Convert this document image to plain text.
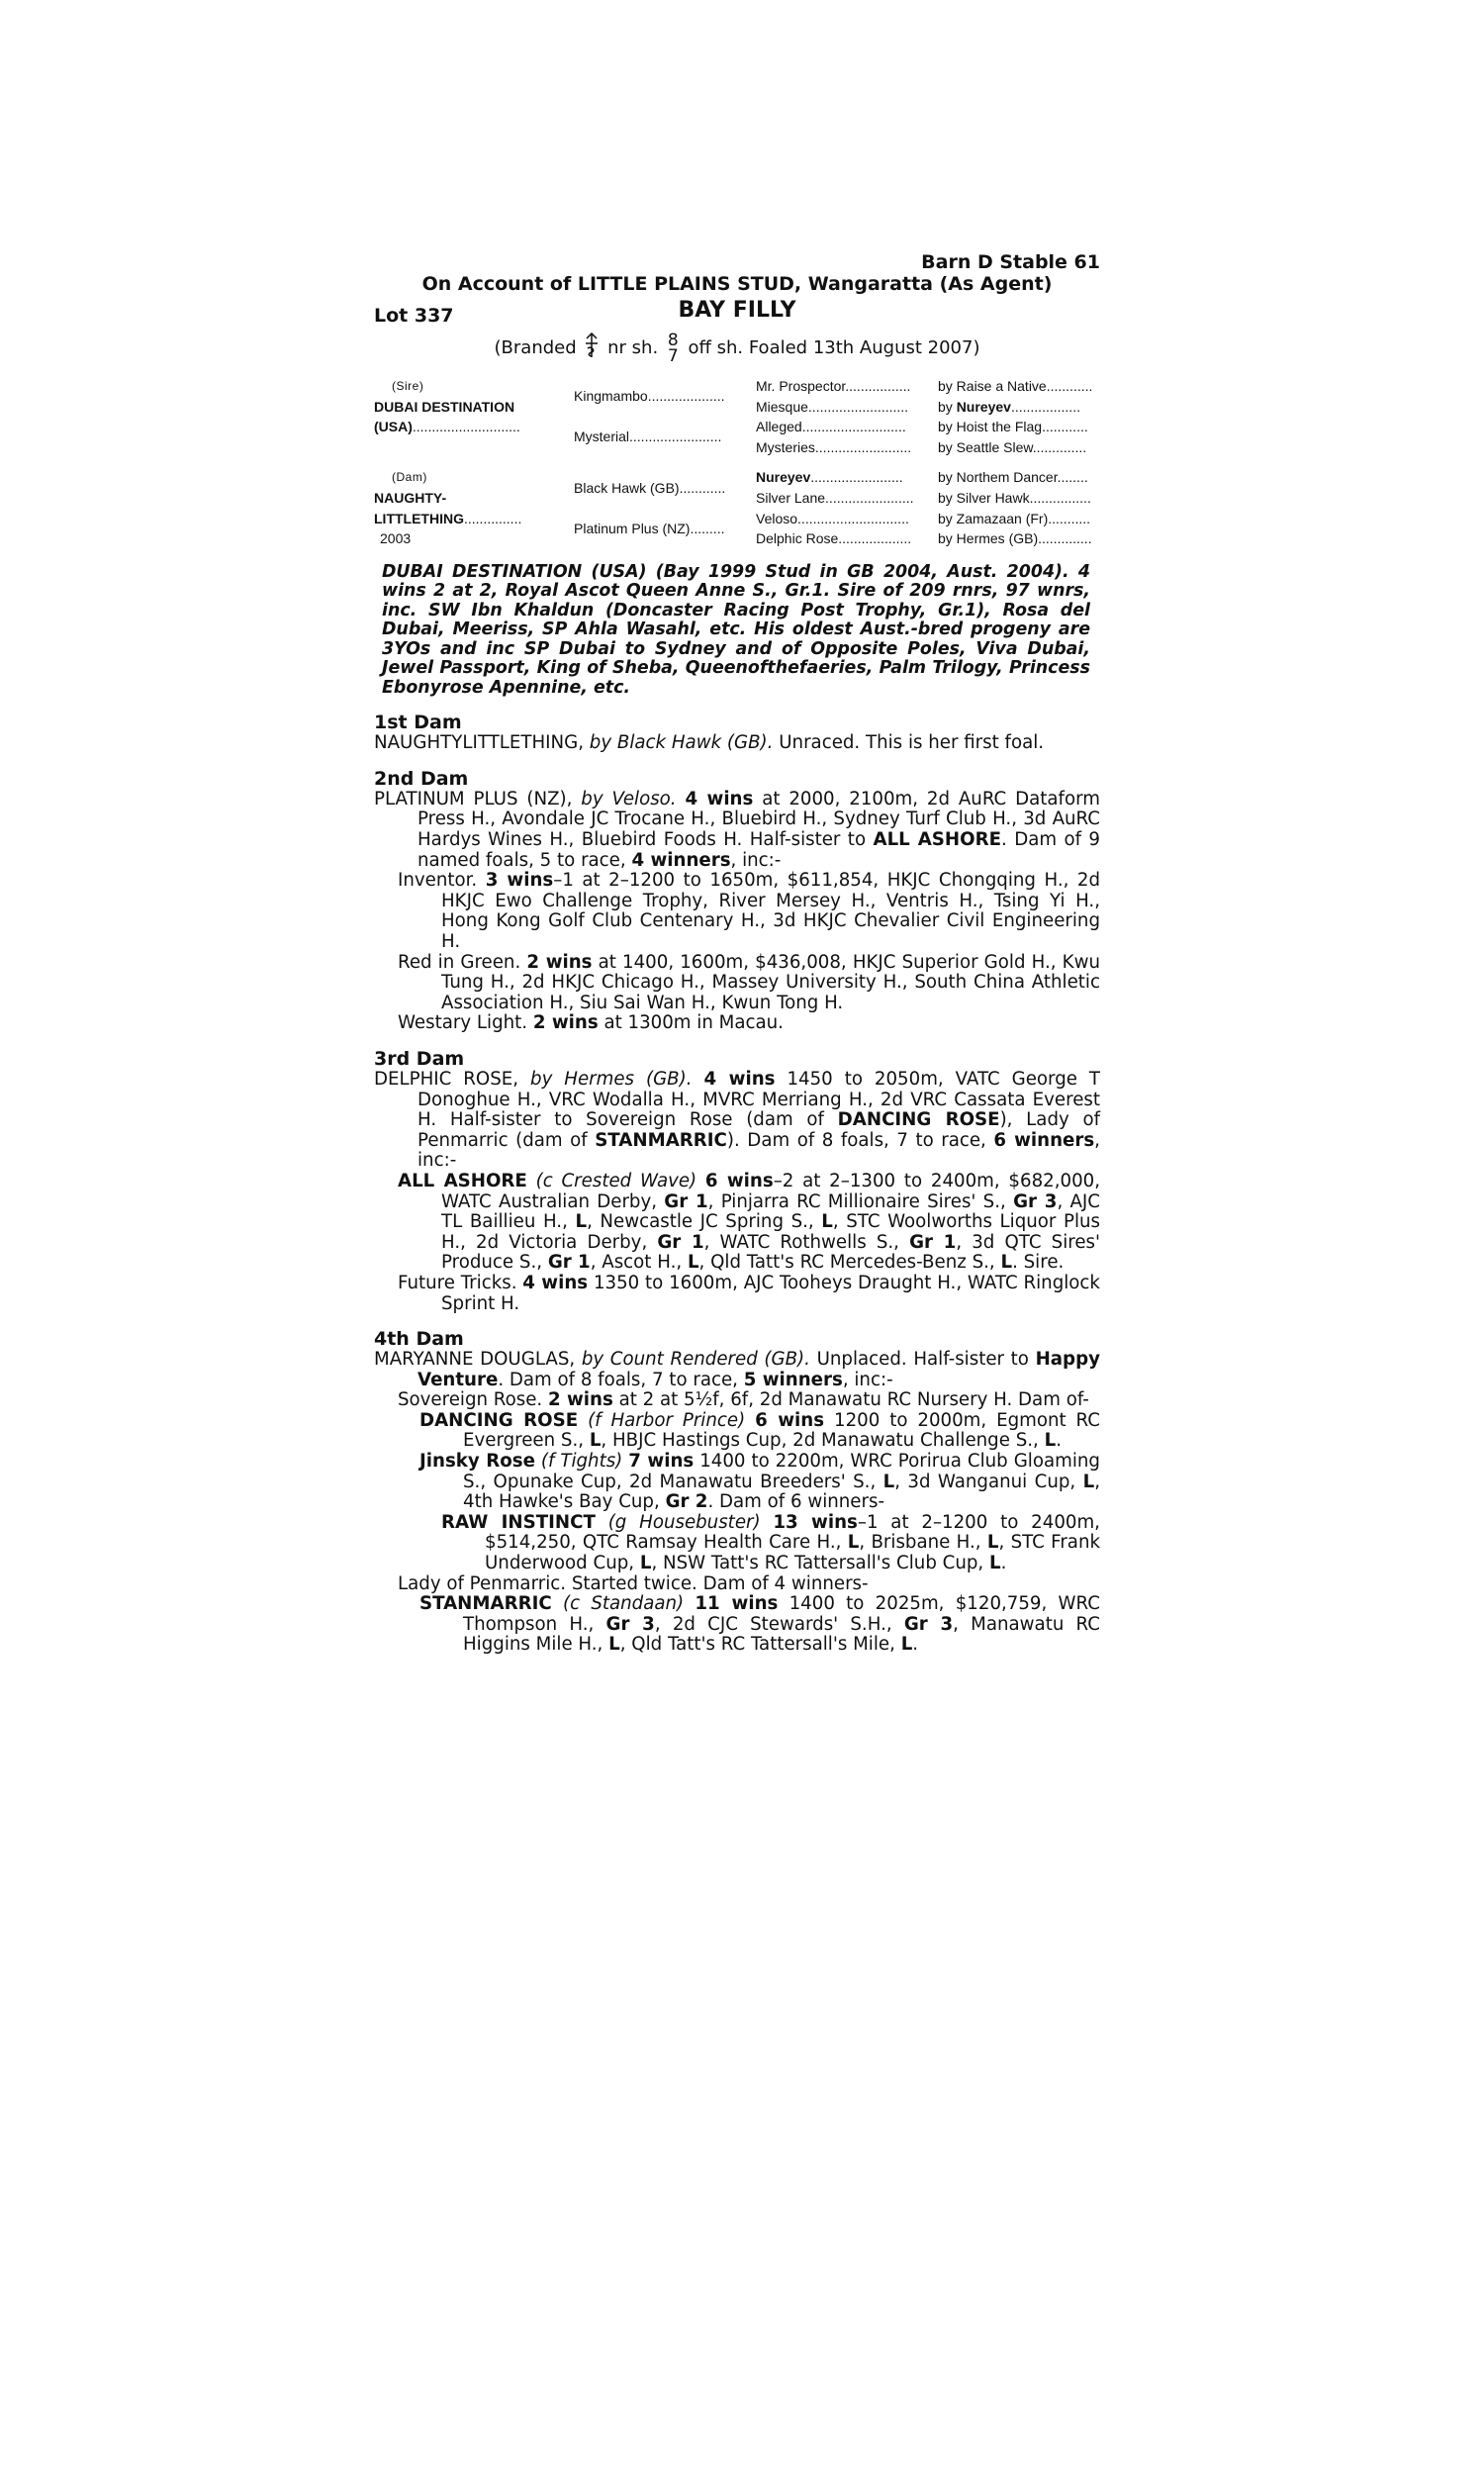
Barn D Stable 61
On Account of LITTLE PLAINS STUD, Wangaratta (As Agent)
Lot 337	BAY FILLY
(Branded nr sh. 8
7 off sh. Foaled 13th August 2007)
(Sire)	Kingmambo....................	Mr. Prospector.................	by Raise a Native............
DUBAI DESTINATION		Miesque..........................	by Nureyev..................
(USA)............................	Mysterial........................	Alleged...........................	by Hoist the Flag............
		Mysteries.........................	by Seattle Slew..............

(Dam)	Black Hawk (GB)............	Nureyev........................	by Northem Dancer........
NAUGHTY-		Silver Lane.......................	by Silver Hawk................
LITTLETHING...............	Platinum Plus (NZ).........	Veloso.............................	by Zamazaan (Fr)...........
2003		Delphic Rose...................	by Hermes (GB)..............

DUBAI DESTINATION (USA) (Bay 1999 Stud in GB 2004, Aust. 2004). 4 wins 2 at 2, Royal Ascot Queen Anne S., Gr.1. Sire of 209 rnrs, 97 wnrs, inc. SW Ibn Khaldun (Doncaster Racing Post Trophy, Gr.1), Rosa del Dubai, Meeriss, SP Ahla Wasahl, etc. His oldest Aust.-bred progeny are 3YOs and inc SP Dubai to Sydney and of Opposite Poles, Viva Dubai, Jewel Passport, King of Sheba, Queenofthefaeries, Palm Trilogy, Princess Ebonyrose Apennine, etc.

1st Dam

NAUGHTYLITTLETHING, by Black Hawk (GB). Unraced. This is her first foal.

2nd Dam

PLATINUM PLUS (NZ), by Veloso. 4 wins at 2000, 2100m, 2d AuRC Dataform Press H., Avondale JC Trocane H., Bluebird H., Sydney Turf Club H., 3d AuRC Hardys Wines H., Bluebird Foods H. Half-sister to ALL ASHORE. Dam of 9 named foals, 5 to race, 4 winners, inc:-

Inventor. 3 wins–1 at 2–1200 to 1650m, $611,854, HKJC Chongqing H., 2d HKJC Ewo Challenge Trophy, River Mersey H., Ventris H., Tsing Yi H., Hong Kong Golf Club Centenary H., 3d HKJC Chevalier Civil Engineering H.

Red in Green. 2 wins at 1400, 1600m, $436,008, HKJC Superior Gold H., Kwu Tung H., 2d HKJC Chicago H., Massey University H., South China Athletic Association H., Siu Sai Wan H., Kwun Tong H.

Westary Light. 2 wins at 1300m in Macau.

3rd Dam

DELPHIC ROSE, by Hermes (GB). 4 wins 1450 to 2050m, VATC George T Donoghue H., VRC Wodalla H., MVRC Merriang H., 2d VRC Cassata Everest H. Half-sister to Sovereign Rose (dam of DANCING ROSE), Lady of Penmarric (dam of STANMARRIC). Dam of 8 foals, 7 to race, 6 winners, inc:-

ALL ASHORE (c Crested Wave) 6 wins–2 at 2–1300 to 2400m, $682,000, WATC Australian Derby, Gr 1, Pinjarra RC Millionaire Sires' S., Gr 3, AJC TL Baillieu H., L, Newcastle JC Spring S., L, STC Woolworths Liquor Plus H., 2d Victoria Derby, Gr 1, WATC Rothwells S., Gr 1, 3d QTC Sires' Produce S., Gr 1, Ascot H., L, Qld Tatt's RC Mercedes-Benz S., L. Sire.

Future Tricks. 4 wins 1350 to 1600m, AJC Tooheys Draught H., WATC Ringlock Sprint H.

4th Dam

MARYANNE DOUGLAS, by Count Rendered (GB). Unplaced. Half-sister to Happy Venture. Dam of 8 foals, 7 to race, 5 winners, inc:-

Sovereign Rose. 2 wins at 2 at 5½f, 6f, 2d Manawatu RC Nursery H. Dam of-

DANCING ROSE (f Harbor Prince) 6 wins 1200 to 2000m, Egmont RC Evergreen S., L, HBJC Hastings Cup, 2d Manawatu Challenge S., L.

Jinsky Rose (f Tights) 7 wins 1400 to 2200m, WRC Porirua Club Gloaming S., Opunake Cup, 2d Manawatu Breeders' S., L, 3d Wanganui Cup, L, 4th Hawke's Bay Cup, Gr 2. Dam of 6 winners-

RAW INSTINCT (g Housebuster) 13 wins–1 at 2–1200 to 2400m, $514,250, QTC Ramsay Health Care H., L, Brisbane H., L, STC Frank Underwood Cup, L, NSW Tatt's RC Tattersall's Club Cup, L.

Lady of Penmarric. Started twice. Dam of 4 winners-

STANMARRIC (c Standaan) 11 wins 1400 to 2025m, $120,759, WRC Thompson H., Gr 3, 2d CJC Stewards' S.H., Gr 3, Manawatu RC Higgins Mile H., L, Qld Tatt's RC Tattersall's Mile, L.
